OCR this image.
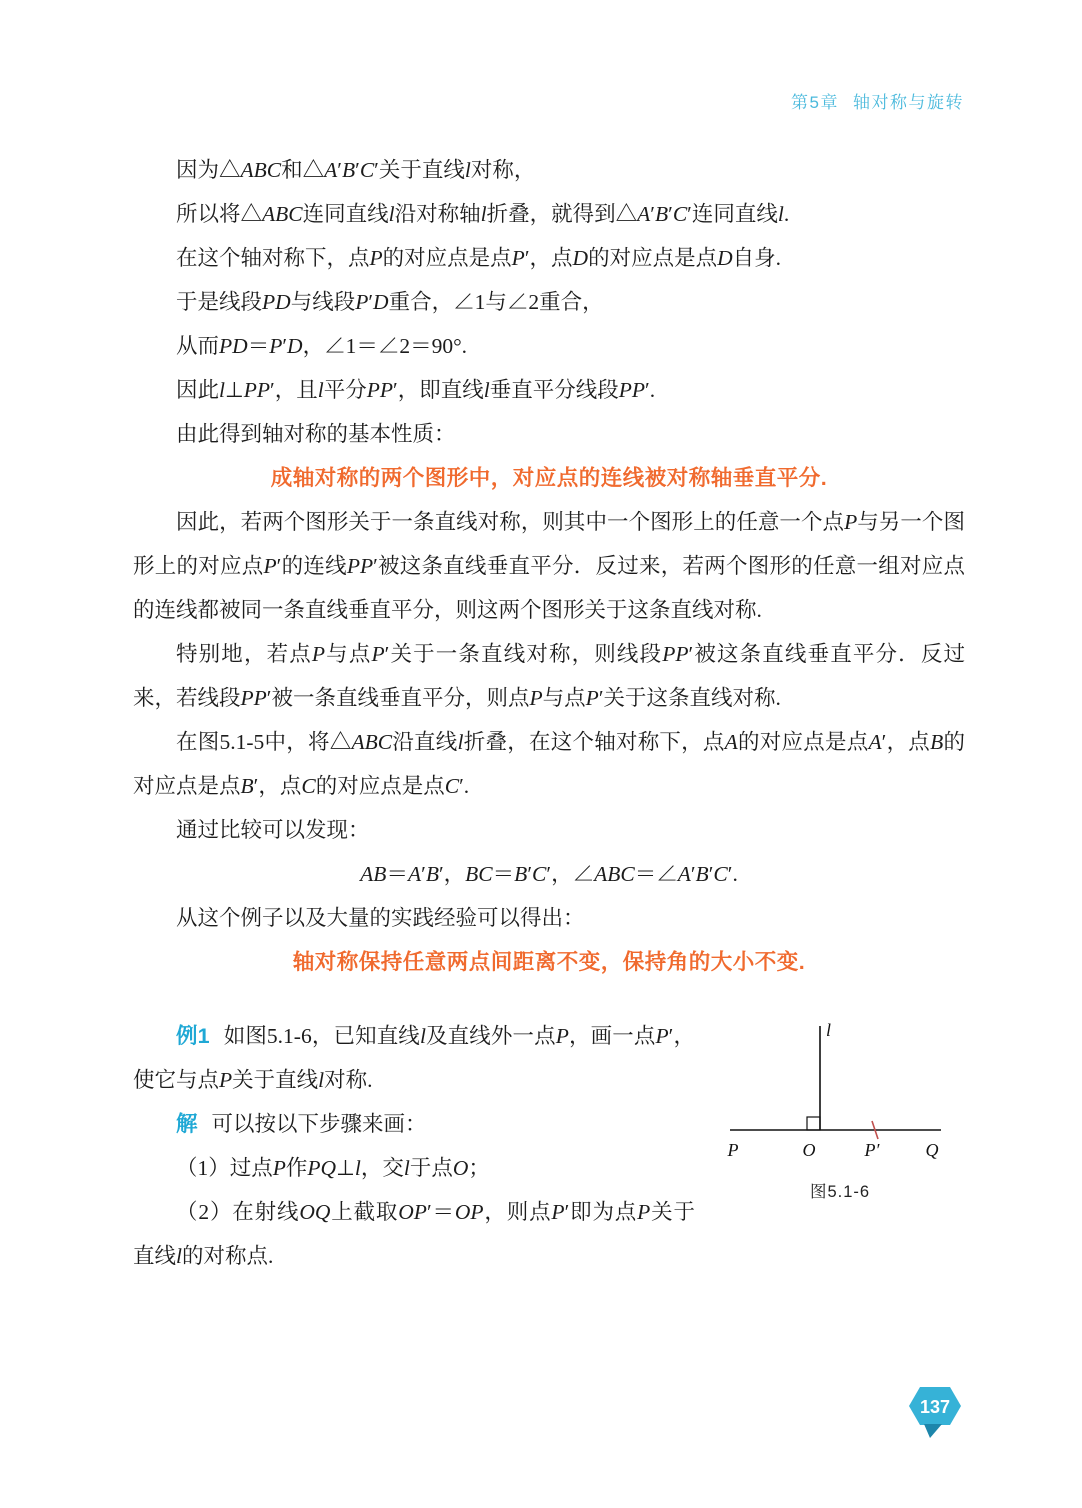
第5章 轴对称与旋转

因为△ABC和△A′B′C′关于直线l对称，

所以将△ABC连同直线l沿对称轴l折叠，就得到△A′B′C′连同直线l.

在这个轴对称下，点P的对应点是点P′，点D的对应点是点D自身.

于是线段PD与线段P′D重合，∠1与∠2重合，

从而PD＝P′D，∠1＝∠2＝90°.

因此l⊥PP′，且l平分PP′，即直线l垂直平分线段PP′.

由此得到轴对称的基本性质：

成轴对称的两个图形中，对应点的连线被对称轴垂直平分.

因此，若两个图形关于一条直线对称，则其中一个图形上的任意一个点P与另一个图形上的对应点P′的连线PP′被这条直线垂直平分．反过来，若两个图形的任意一组对应点的连线都被同一条直线垂直平分，则这两个图形关于这条直线对称.

特别地，若点P与点P′关于一条直线对称，则线段PP′被这条直线垂直平分．反过来，若线段PP′被一条直线垂直平分，则点P与点P′关于这条直线对称.

在图5.1-5中，将△ABC沿直线l折叠，在这个轴对称下，点A的对应点是点A′，点B的对应点是点B′，点C的对应点是点C′.

通过比较可以发现：

AB＝A′B′，BC＝B′C′，∠ABC＝∠A′B′C′.

从这个例子以及大量的实践经验可以得出：

轴对称保持任意两点间距离不变，保持角的大小不变.

l
P	O	P′	Q
图5.1-6

例1 如图5.1-6，已知直线l及直线外一点P，画一点P′，使它与点P关于直线l对称.

解 可以按以下步骤来画：

（1）过点P作PQ⊥l，交l于点O；

（2）在射线OQ上截取OP′＝OP，则点P′即为点P关于直线l的对称点.

137
